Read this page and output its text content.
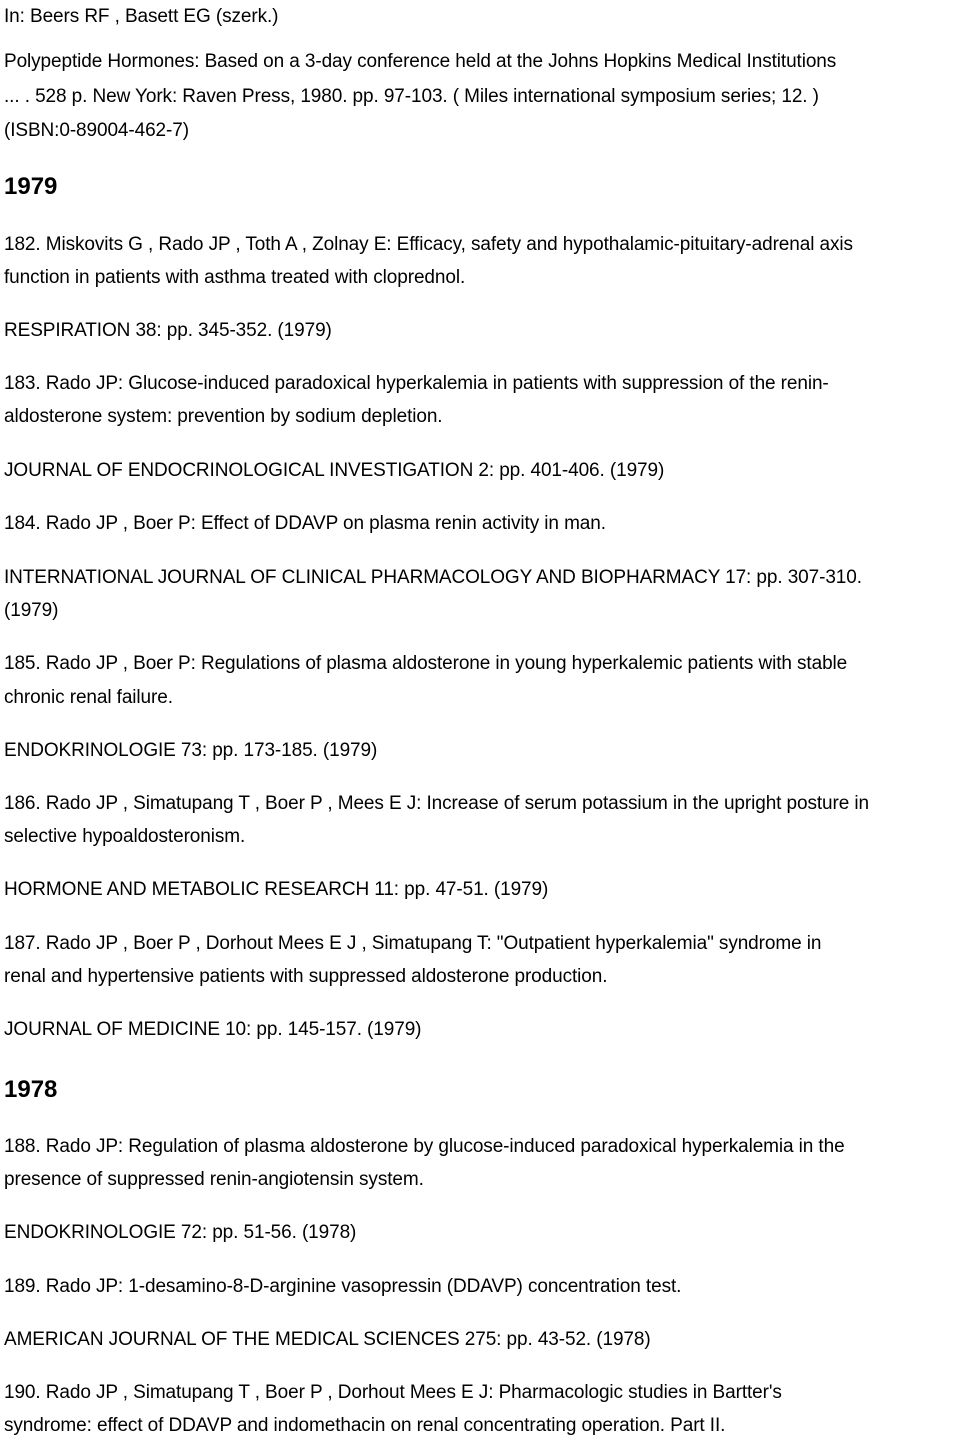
In: Beers RF , Basett EG (szerk.)

Polypeptide Hormones: Based on a 3-day conference held at the Johns Hopkins Medical Institutions

... . 528 p. New York: Raven Press, 1980. pp. 97-103. ( Miles international symposium series; 12. )

(ISBN:0-89004-462-7)

1979

182. Miskovits G , Rado JP , Toth A , Zolnay E: Efficacy, safety and hypothalamic-pituitary-adrenal axis

function in patients with asthma treated with cloprednol.

RESPIRATION 38: pp. 345-352. (1979)

183. Rado JP: Glucose-induced paradoxical hyperkalemia in patients with suppression of the renin-

aldosterone system: prevention by sodium depletion.

JOURNAL OF ENDOCRINOLOGICAL INVESTIGATION 2: pp. 401-406. (1979)

184. Rado JP , Boer P: Effect of DDAVP on plasma renin activity in man.

INTERNATIONAL JOURNAL OF CLINICAL PHARMACOLOGY AND BIOPHARMACY 17: pp. 307-310.

(1979)

185. Rado JP , Boer P: Regulations of plasma aldosterone in young hyperkalemic patients with stable

chronic renal failure.

ENDOKRINOLOGIE 73: pp. 173-185. (1979)

186. Rado JP , Simatupang T , Boer P , Mees E J: Increase of serum potassium in the upright posture in

selective hypoaldosteronism.

HORMONE AND METABOLIC RESEARCH 11: pp. 47-51. (1979)

187. Rado JP , Boer P , Dorhout Mees E J , Simatupang T: "Outpatient hyperkalemia" syndrome in

renal and hypertensive patients with suppressed aldosterone production.

JOURNAL OF MEDICINE 10: pp. 145-157. (1979)

1978

188. Rado JP: Regulation of plasma aldosterone by glucose-induced paradoxical hyperkalemia in the

presence of suppressed renin-angiotensin system.

ENDOKRINOLOGIE 72: pp. 51-56. (1978)

189. Rado JP: 1-desamino-8-D-arginine vasopressin (DDAVP) concentration test.

AMERICAN JOURNAL OF THE MEDICAL SCIENCES 275: pp. 43-52. (1978)

190. Rado JP , Simatupang T , Boer P , Dorhout Mees E J: Pharmacologic studies in Bartter's

syndrome: effect of DDAVP and indomethacin on renal concentrating operation. Part II.
